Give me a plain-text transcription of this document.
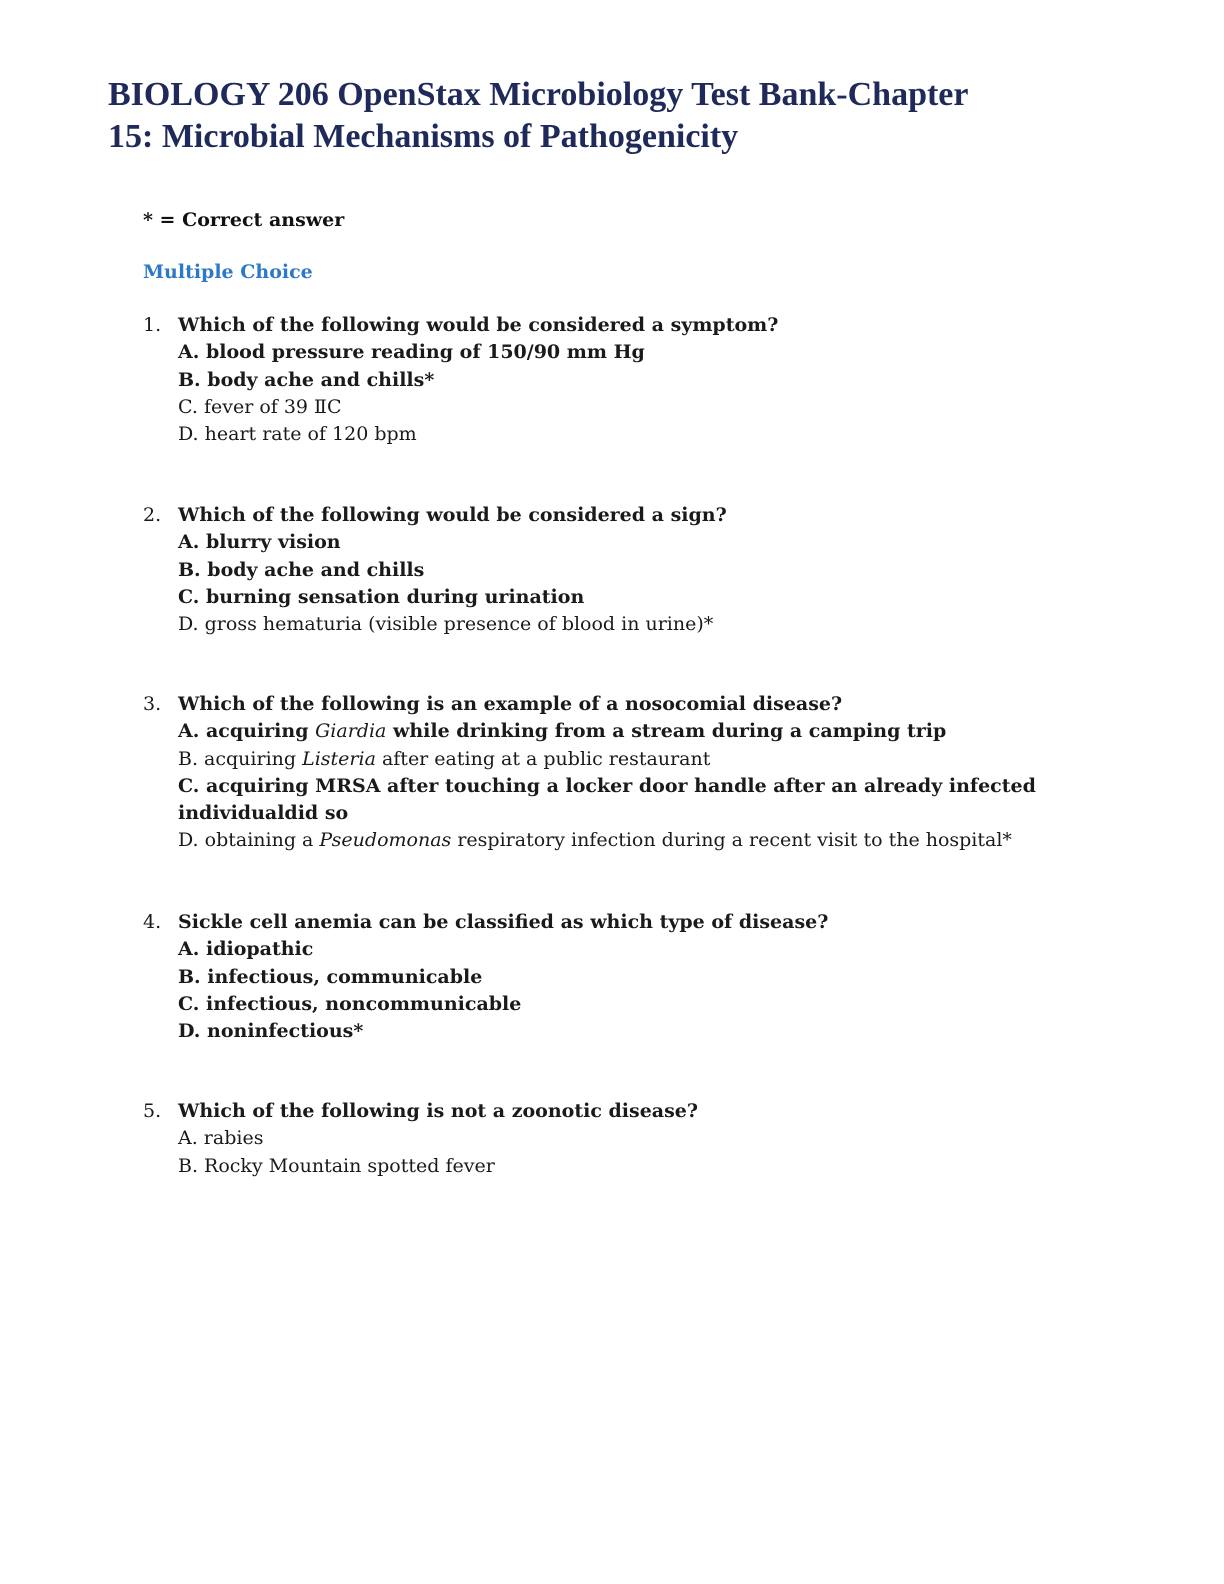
BIOLOGY 206 OpenStax Microbiology Test Bank-Chapter
15: Microbial Mechanisms of Pathogenicity

* = Correct answer

Multiple Choice

1. Which of the following would be considered a symptom?
A. blood pressure reading of 150/90 mm Hg
B. body ache and chills*
C. fever of 39 ⅡC
D. heart rate of 120 bpm
2. Which of the following would be considered a sign?
A. blurry vision
B. body ache and chills
C. burning sensation during urination
D. gross hematuria (visible presence of blood in urine)*
3. Which of the following is an example of a nosocomial disease?
A. acquiring Giardia while drinking from a stream during a camping trip
B. acquiring Listeria after eating at a public restaurant
C. acquiring MRSA after touching a locker door handle after an already infected
individualdid so
D. obtaining a Pseudomonas respiratory infection during a recent visit to the hospital*
4. Sickle cell anemia can be classified as which type of disease?
A. idiopathic
B. infectious, communicable
C. infectious, noncommunicable
D. noninfectious*
5. Which of the following is not a zoonotic disease?
A. rabies
B. Rocky Mountain spotted fever
